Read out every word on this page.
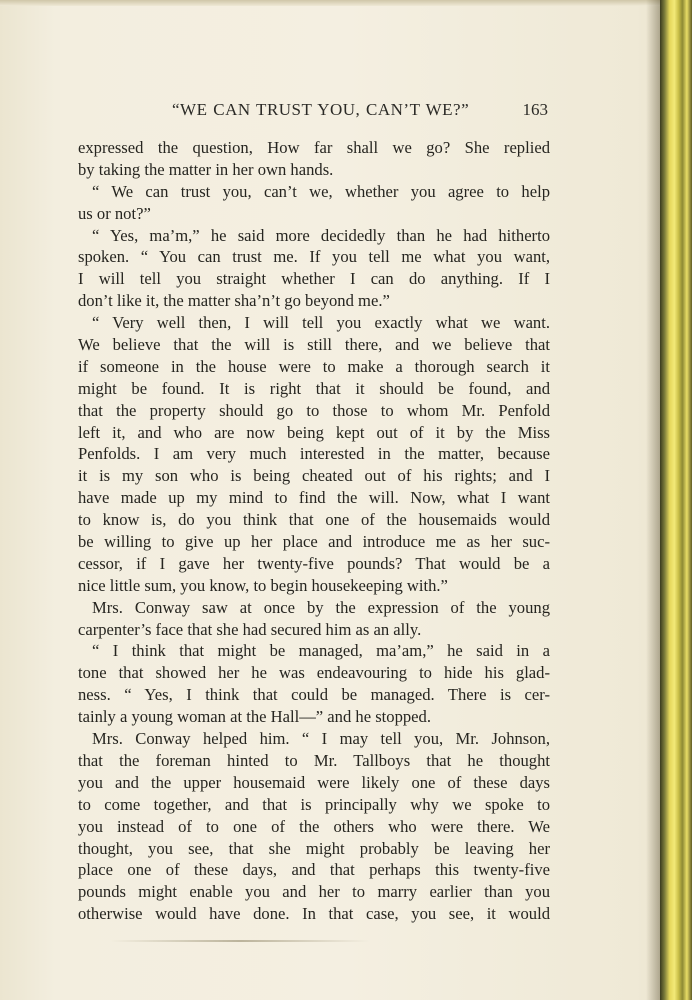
“WE CAN TRUST YOU, CAN’T WE?”	163
expressed the question, How far shall we go? She replied
by taking the matter in her own hands.
“ We can trust you, can’t we, whether you agree to help
us or not?”
“ Yes, ma’m,” he said more decidedly than he had hitherto
spoken. “ You can trust me. If you tell me what you want,
I will tell you straight whether I can do anything. If I
don’t like it, the matter sha’n’t go beyond me.”
“ Very well then, I will tell you exactly what we want.
We believe that the will is still there, and we believe that
if someone in the house were to make a thorough search it
might be found. It is right that it should be found, and
that the property should go to those to whom Mr. Penfold
left it, and who are now being kept out of it by the Miss
Penfolds. I am very much interested in the matter, because
it is my son who is being cheated out of his rights; and I
have made up my mind to find the will. Now, what I want
to know is, do you think that one of the housemaids would
be willing to give up her place and introduce me as her suc-
cessor, if I gave her twenty-five pounds? That would be a
nice little sum, you know, to begin housekeeping with.”
Mrs. Conway saw at once by the expression of the young
carpenter’s face that she had secured him as an ally.
“ I think that might be managed, ma’am,” he said in a
tone that showed her he was endeavouring to hide his glad-
ness. “ Yes, I think that could be managed. There is cer-
tainly a young woman at the Hall—” and he stopped.
Mrs. Conway helped him. “ I may tell you, Mr. Johnson,
that the foreman hinted to Mr. Tallboys that he thought
you and the upper housemaid were likely one of these days
to come together, and that is principally why we spoke to
you instead of to one of the others who were there. We
thought, you see, that she might probably be leaving her
place one of these days, and that perhaps this twenty-five
pounds might enable you and her to marry earlier than you
otherwise would have done. In that case, you see, it would
